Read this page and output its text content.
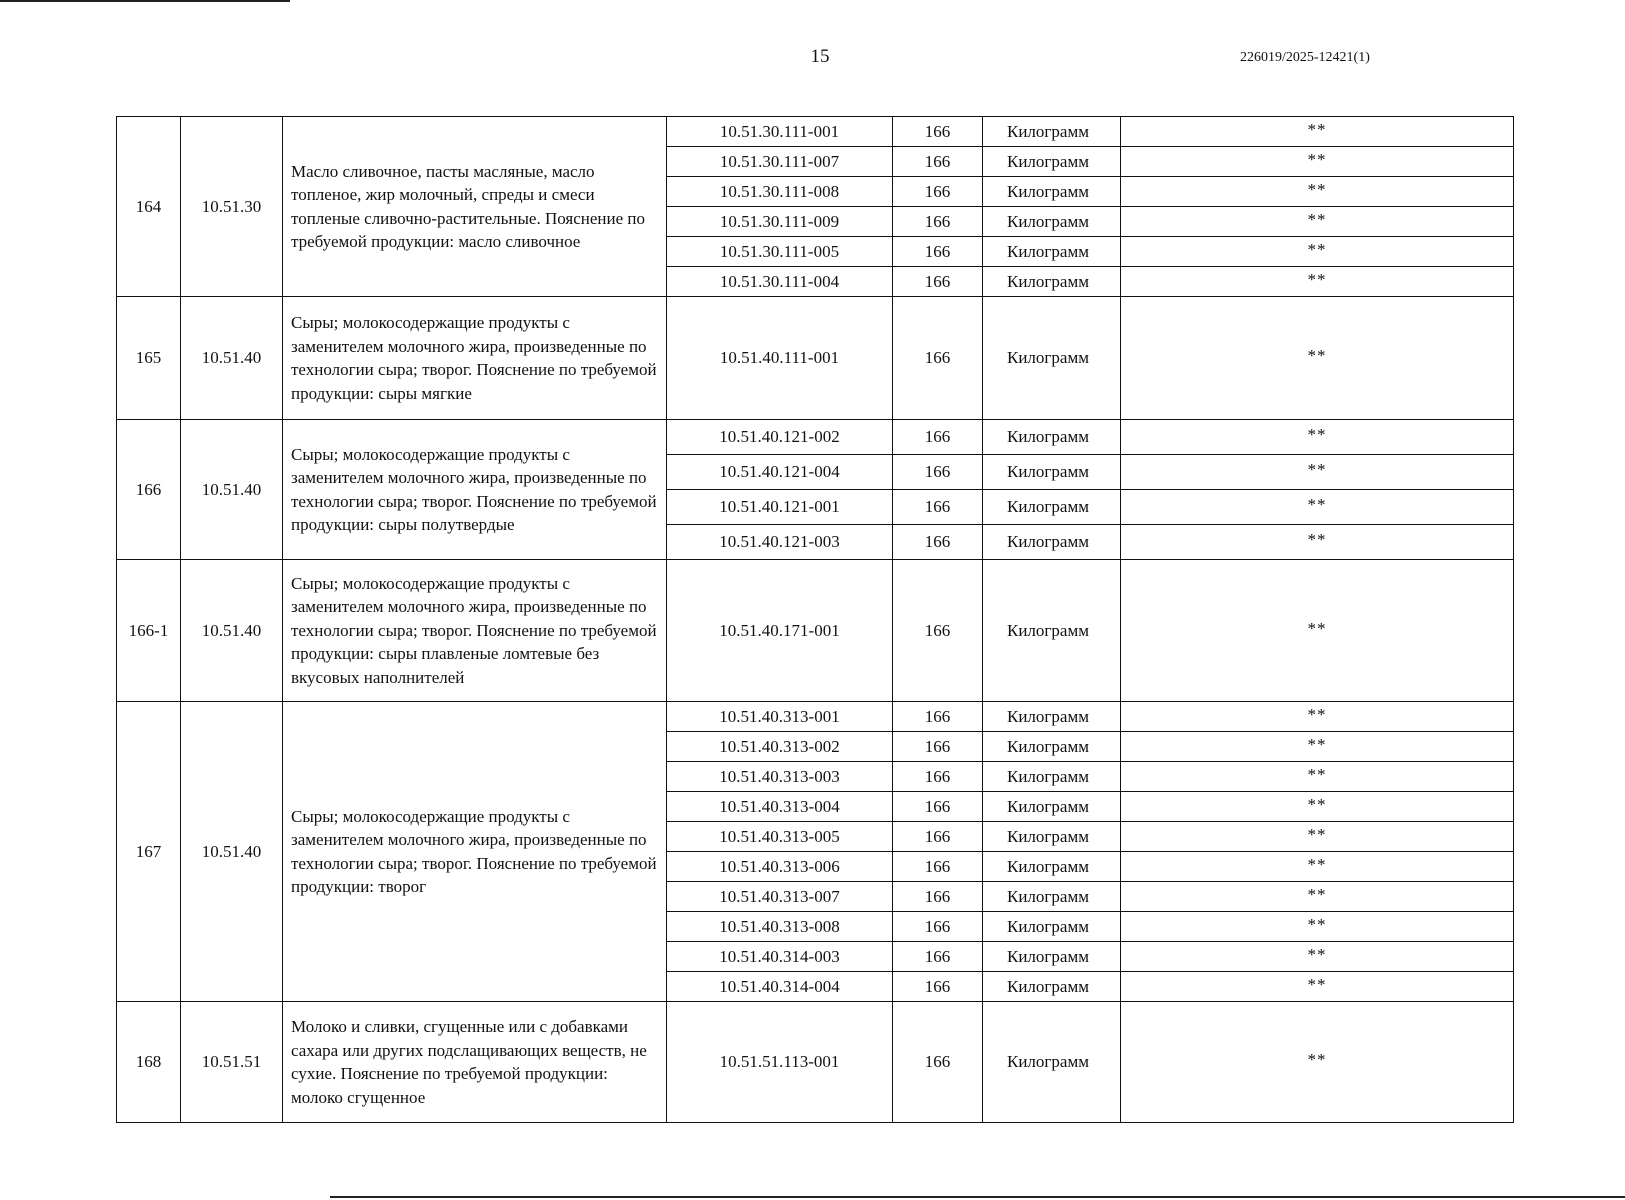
15	226019/2025-12421(1)
164	10.51.30	Масло сливочное, пасты масляные, масло топленое, жир молочный, спреды и смеси топленые сливочно-растительные. Пояснение по требуемой продукции: масло сливочное	10.51.30.111-001	166	Килограмм	**
			10.51.30.111-007	166	Килограмм	**
			10.51.30.111-008	166	Килограмм	**
			10.51.30.111-009	166	Килограмм	**
			10.51.30.111-005	166	Килограмм	**
			10.51.30.111-004	166	Килограмм	**
165	10.51.40	Сыры; молокосодержащие продукты с заменителем молочного жира, произведенные по технологии сыра; творог. Пояснение по требуемой продукции: сыры мягкие	10.51.40.111-001	166	Килограмм	**
166	10.51.40	Сыры; молокосодержащие продукты с заменителем молочного жира, произведенные по технологии сыра; творог. Пояснение по требуемой продукции: сыры полутвердые	10.51.40.121-002	166	Килограмм	**
			10.51.40.121-004	166	Килограмм	**
			10.51.40.121-001	166	Килограмм	**
			10.51.40.121-003	166	Килограмм	**
166-1	10.51.40	Сыры; молокосодержащие продукты с заменителем молочного жира, произведенные по технологии сыра; творог. Пояснение по требуемой продукции: сыры плавленые ломтевые без вкусовых наполнителей	10.51.40.171-001	166	Килограмм	**
167	10.51.40	Сыры; молокосодержащие продукты с заменителем молочного жира, произведенные по технологии сыра; творог. Пояснение по требуемой продукции: творог	10.51.40.313-001	166	Килограмм	**
			10.51.40.313-002	166	Килограмм	**
			10.51.40.313-003	166	Килограмм	**
			10.51.40.313-004	166	Килограмм	**
			10.51.40.313-005	166	Килограмм	**
			10.51.40.313-006	166	Килограмм	**
			10.51.40.313-007	166	Килограмм	**
			10.51.40.313-008	166	Килограмм	**
			10.51.40.314-003	166	Килограмм	**
			10.51.40.314-004	166	Килограмм	**
168	10.51.51	Молоко и сливки, сгущенные или с добавками сахара или других подслащивающих веществ, не сухие. Пояснение по требуемой продукции: молоко сгущенное	10.51.51.113-001	166	Килограмм	**
